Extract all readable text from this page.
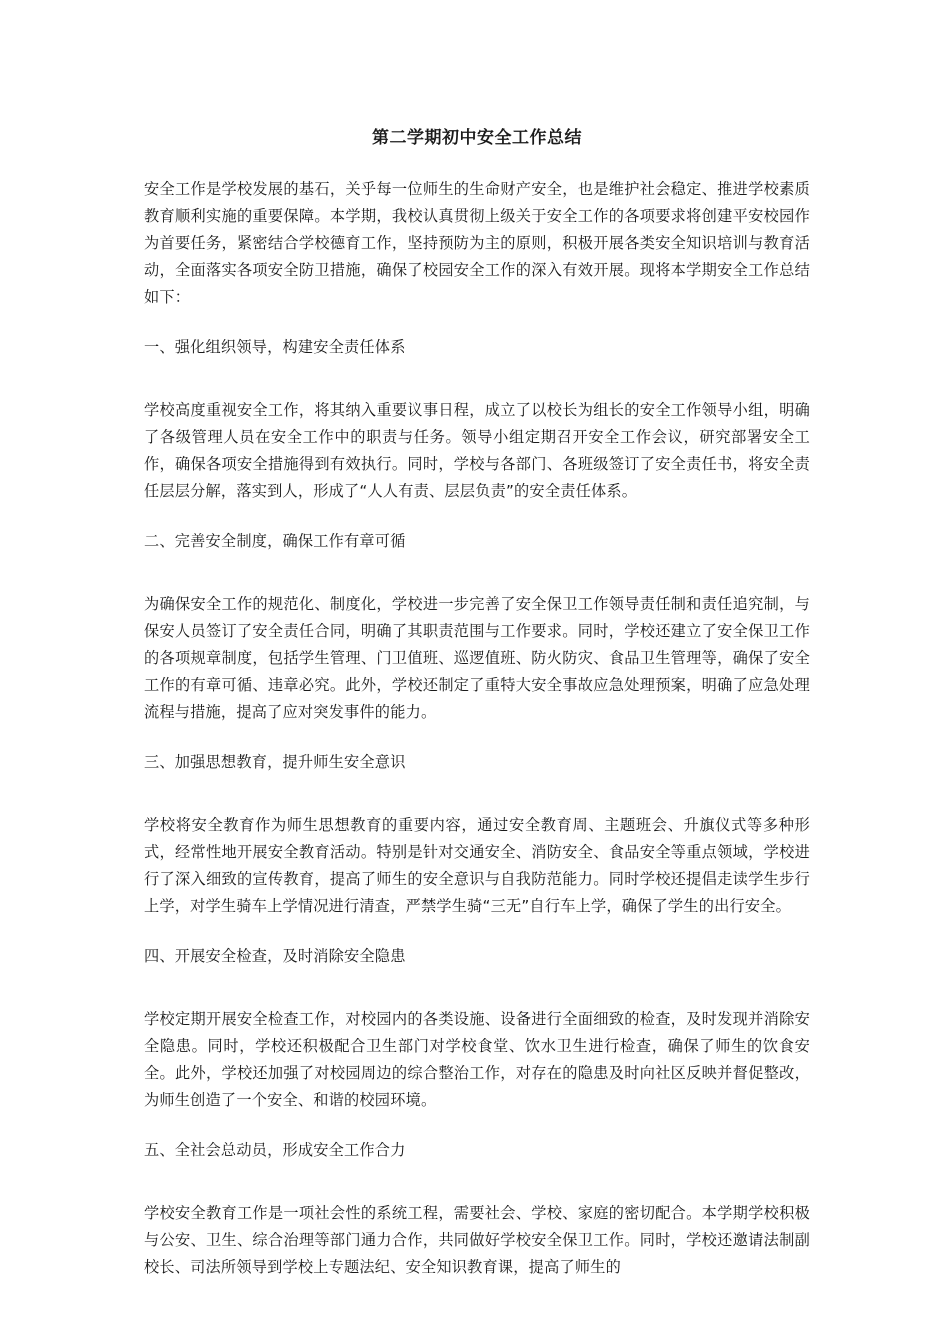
第二学期初中安全工作总结

安全工作是学校发展的基石，关乎每一位师生的生命财产安全，也是维护社会稳定、推进学校素质教育顺利实施的重要保障。本学期，我校认真贯彻上级关于安全工作的各项要求将创建平安校园作为首要任务，紧密结合学校德育工作，坚持预防为主的原则，积极开展各类安全知识培训与教育活动，全面落实各项安全防卫措施，确保了校园安全工作的深入有效开展。现将本学期安全工作总结如下：

一、强化组织领导，构建安全责任体系

学校高度重视安全工作，将其纳入重要议事日程，成立了以校长为组长的安全工作领导小组，明确了各级管理人员在安全工作中的职责与任务。领导小组定期召开安全工作会议，研究部署安全工作，确保各项安全措施得到有效执行。同时，学校与各部门、各班级签订了安全责任书，将安全责任层层分解，落实到人，形成了“人人有责、层层负责”的安全责任体系。

二、完善安全制度，确保工作有章可循

为确保安全工作的规范化、制度化，学校进一步完善了安全保卫工作领导责任制和责任追究制，与保安人员签订了安全责任合同，明确了其职责范围与工作要求。同时，学校还建立了安全保卫工作的各项规章制度，包括学生管理、门卫值班、巡逻值班、防火防灾、食品卫生管理等，确保了安全工作的有章可循、违章必究。此外，学校还制定了重特大安全事故应急处理预案，明确了应急处理流程与措施，提高了应对突发事件的能力。

三、加强思想教育，提升师生安全意识

学校将安全教育作为师生思想教育的重要内容，通过安全教育周、主题班会、升旗仪式等多种形式，经常性地开展安全教育活动。特别是针对交通安全、消防安全、食品安全等重点领域，学校进行了深入细致的宣传教育，提高了师生的安全意识与自我防范能力。同时学校还提倡走读学生步行上学，对学生骑车上学情况进行清查，严禁学生骑“三无”自行车上学，确保了学生的出行安全。

四、开展安全检查，及时消除安全隐患

学校定期开展安全检查工作，对校园内的各类设施、设备进行全面细致的检查，及时发现并消除安全隐患。同时，学校还积极配合卫生部门对学校食堂、饮水卫生进行检查，确保了师生的饮食安全。此外，学校还加强了对校园周边的综合整治工作，对存在的隐患及时向社区反映并督促整改，为师生创造了一个安全、和谐的校园环境。

五、全社会总动员，形成安全工作合力

学校安全教育工作是一项社会性的系统工程，需要社会、学校、家庭的密切配合。本学期学校积极与公安、卫生、综合治理等部门通力合作，共同做好学校安全保卫工作。同时，学校还邀请法制副校长、司法所领导到学校上专题法纪、安全知识教育课，提高了师生的
